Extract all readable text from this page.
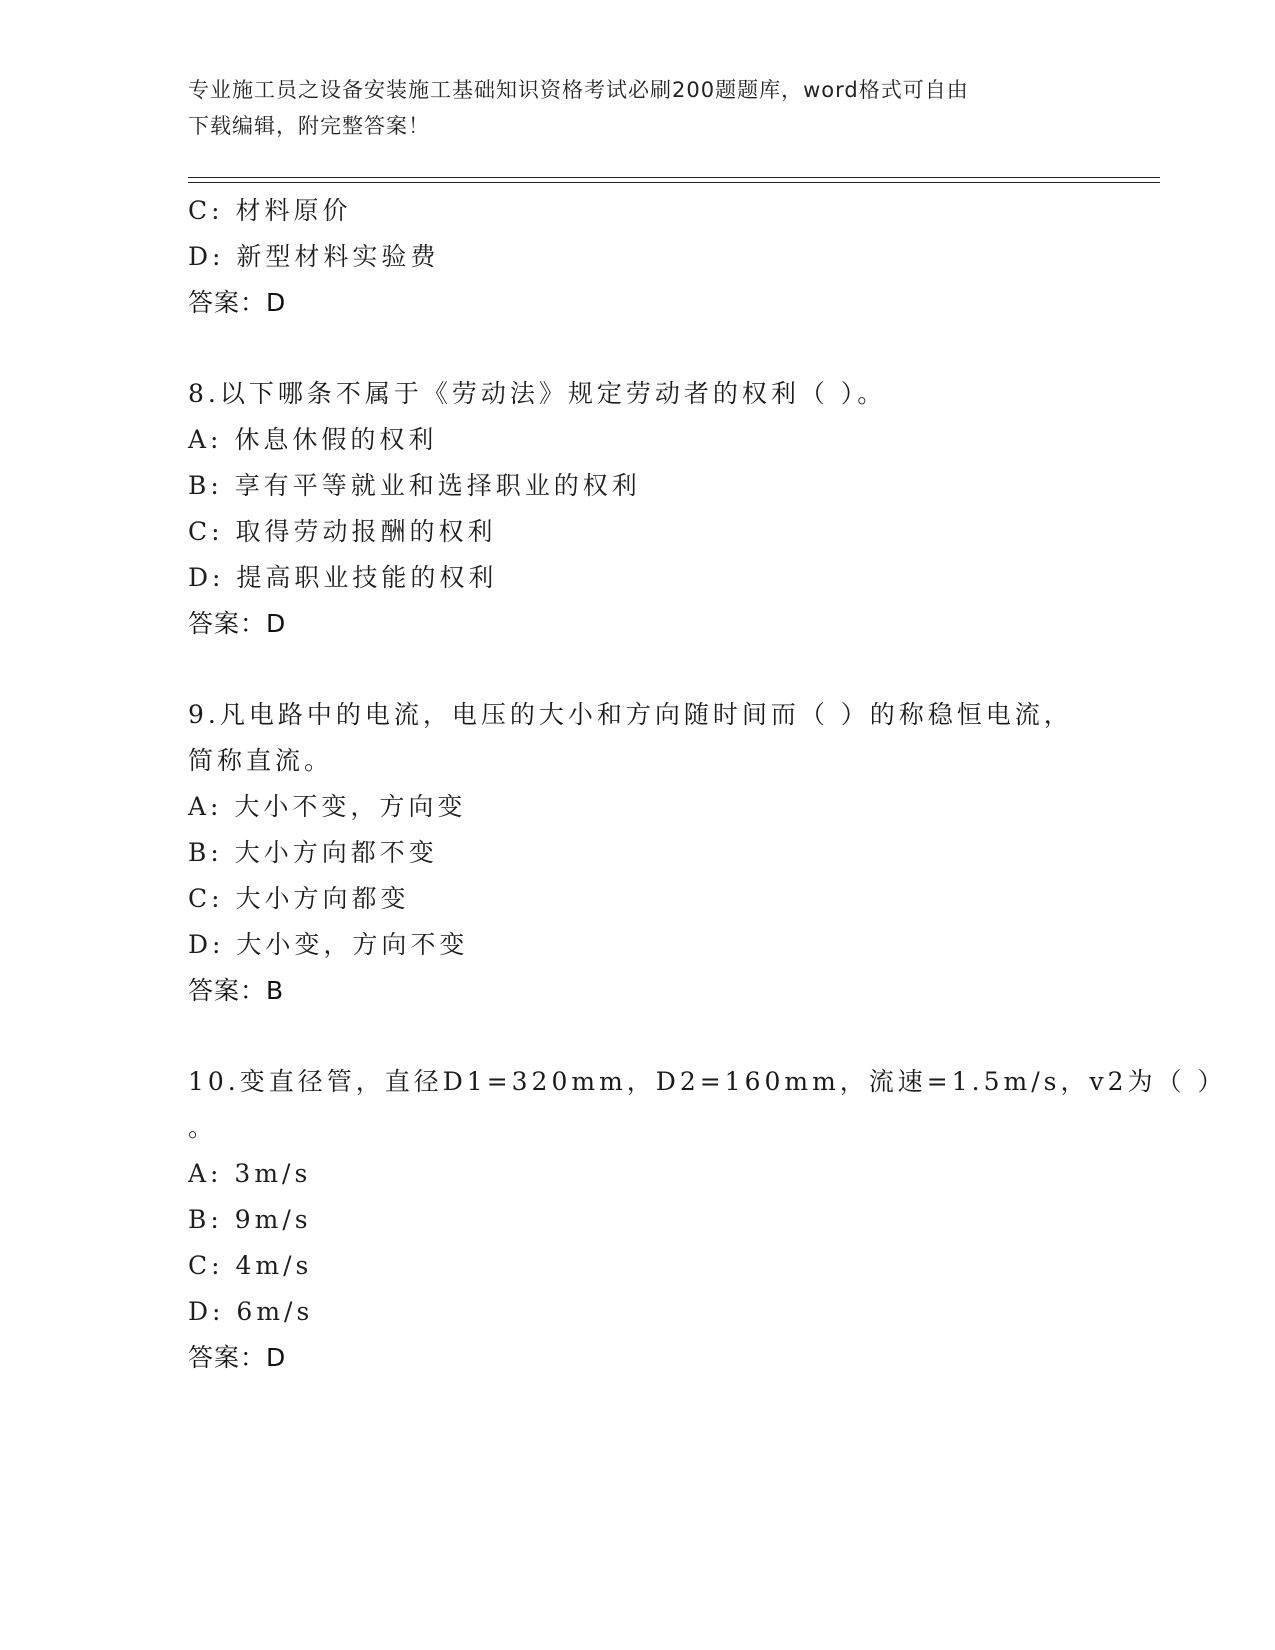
专业施工员之设备安装施工基础知识资格考试必刷200题题库，word格式可自由
下载编辑，附完整答案！
C: 材料原价
D: 新型材料实验费
答案：D
8.以下哪条不属于《劳动法》规定劳动者的权利（ ）。
A: 休息休假的权利
B: 享有平等就业和选择职业的权利
C: 取得劳动报酬的权利
D: 提高职业技能的权利
答案：D
9.凡电路中的电流，电压的大小和方向随时间而（ ）的称稳恒电流，
简称直流。
A: 大小不变，方向变
B: 大小方向都不变
C: 大小方向都变
D: 大小变，方向不变
答案：B
10.变直径管，直径D1=320mm，D2=160mm，流速=1.5m/s，v2为（ ）
。
A: 3m/s
B: 9m/s
C: 4m/s
D: 6m/s
答案：D
